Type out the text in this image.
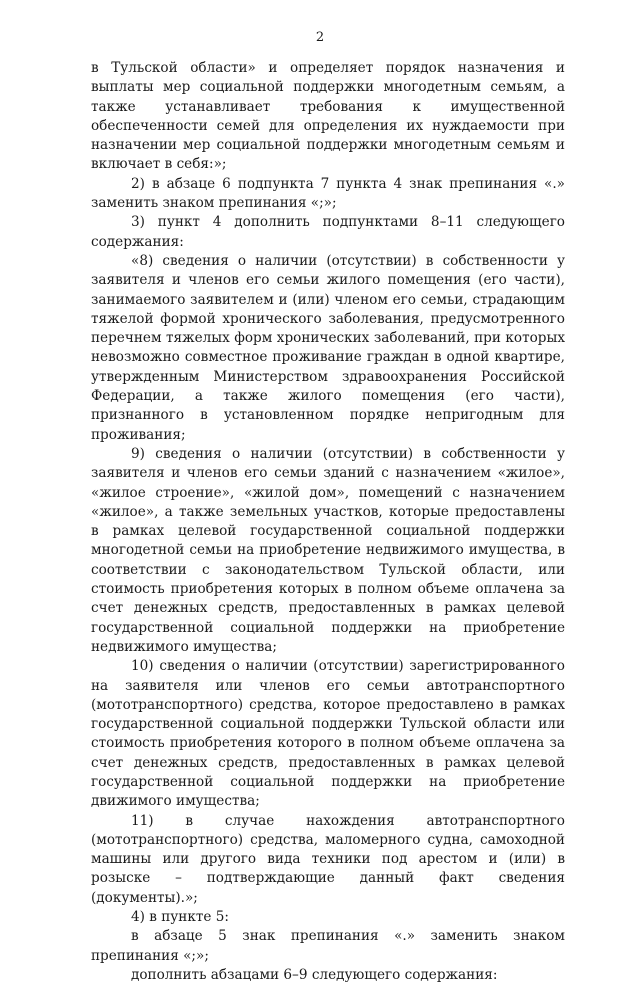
2

в Тульской области» и определяет порядок назначения и выплаты мер социальной поддержки многодетным семьям, а также устанавливает требования к имущественной обеспеченности семей для определения их нуждаемости при назначении мер социальной поддержки многодетным семьям и включает в себя:»;

2) в абзаце 6 подпункта 7 пункта 4 знак препинания «.» заменить знаком препинания «;»;

3) пункт 4 дополнить подпунктами 8–11 следующего содержания:

«8) сведения о наличии (отсутствии) в собственности у заявителя и членов его семьи жилого помещения (его части), занимаемого заявителем и (или) членом его семьи, страдающим тяжелой формой хронического заболевания, предусмотренного перечнем тяжелых форм хронических заболеваний, при которых невозможно совместное проживание граждан в одной квартире, утвержденным Министерством здравоохранения Российской Федерации, а также жилого помещения (его части), признанного в установленном порядке непригодным для проживания;

9) сведения о наличии (отсутствии) в собственности у заявителя и членов его семьи зданий с назначением «жилое», «жилое строение», «жилой дом», помещений с назначением «жилое», а также земельных участков, которые предоставлены в рамках целевой государственной социальной поддержки многодетной семьи на приобретение недвижимого имущества, в соответствии с законодательством Тульской области, или стоимость приобретения которых в полном объеме оплачена за счет денежных средств, предоставленных в рамках целевой государственной социальной поддержки на приобретение недвижимого имущества;

10) сведения о наличии (отсутствии) зарегистрированного на заявителя или членов его семьи автотранспортного (мототранспортного) средства, которое предоставлено в рамках государственной социальной поддержки Тульской области или стоимость приобретения которого в полном объеме оплачена за счет денежных средств, предоставленных в рамках целевой государственной социальной поддержки на приобретение движимого имущества;

11) в случае нахождения автотранспортного (мототранспортного) средства, маломерного судна, самоходной машины или другого вида техники под арестом и (или) в розыске – подтверждающие данный факт сведения (документы).»;

4) в пункте 5:

в абзаце 5 знак препинания «.» заменить знаком препинания «;»;

дополнить абзацами 6–9 следующего содержания:
